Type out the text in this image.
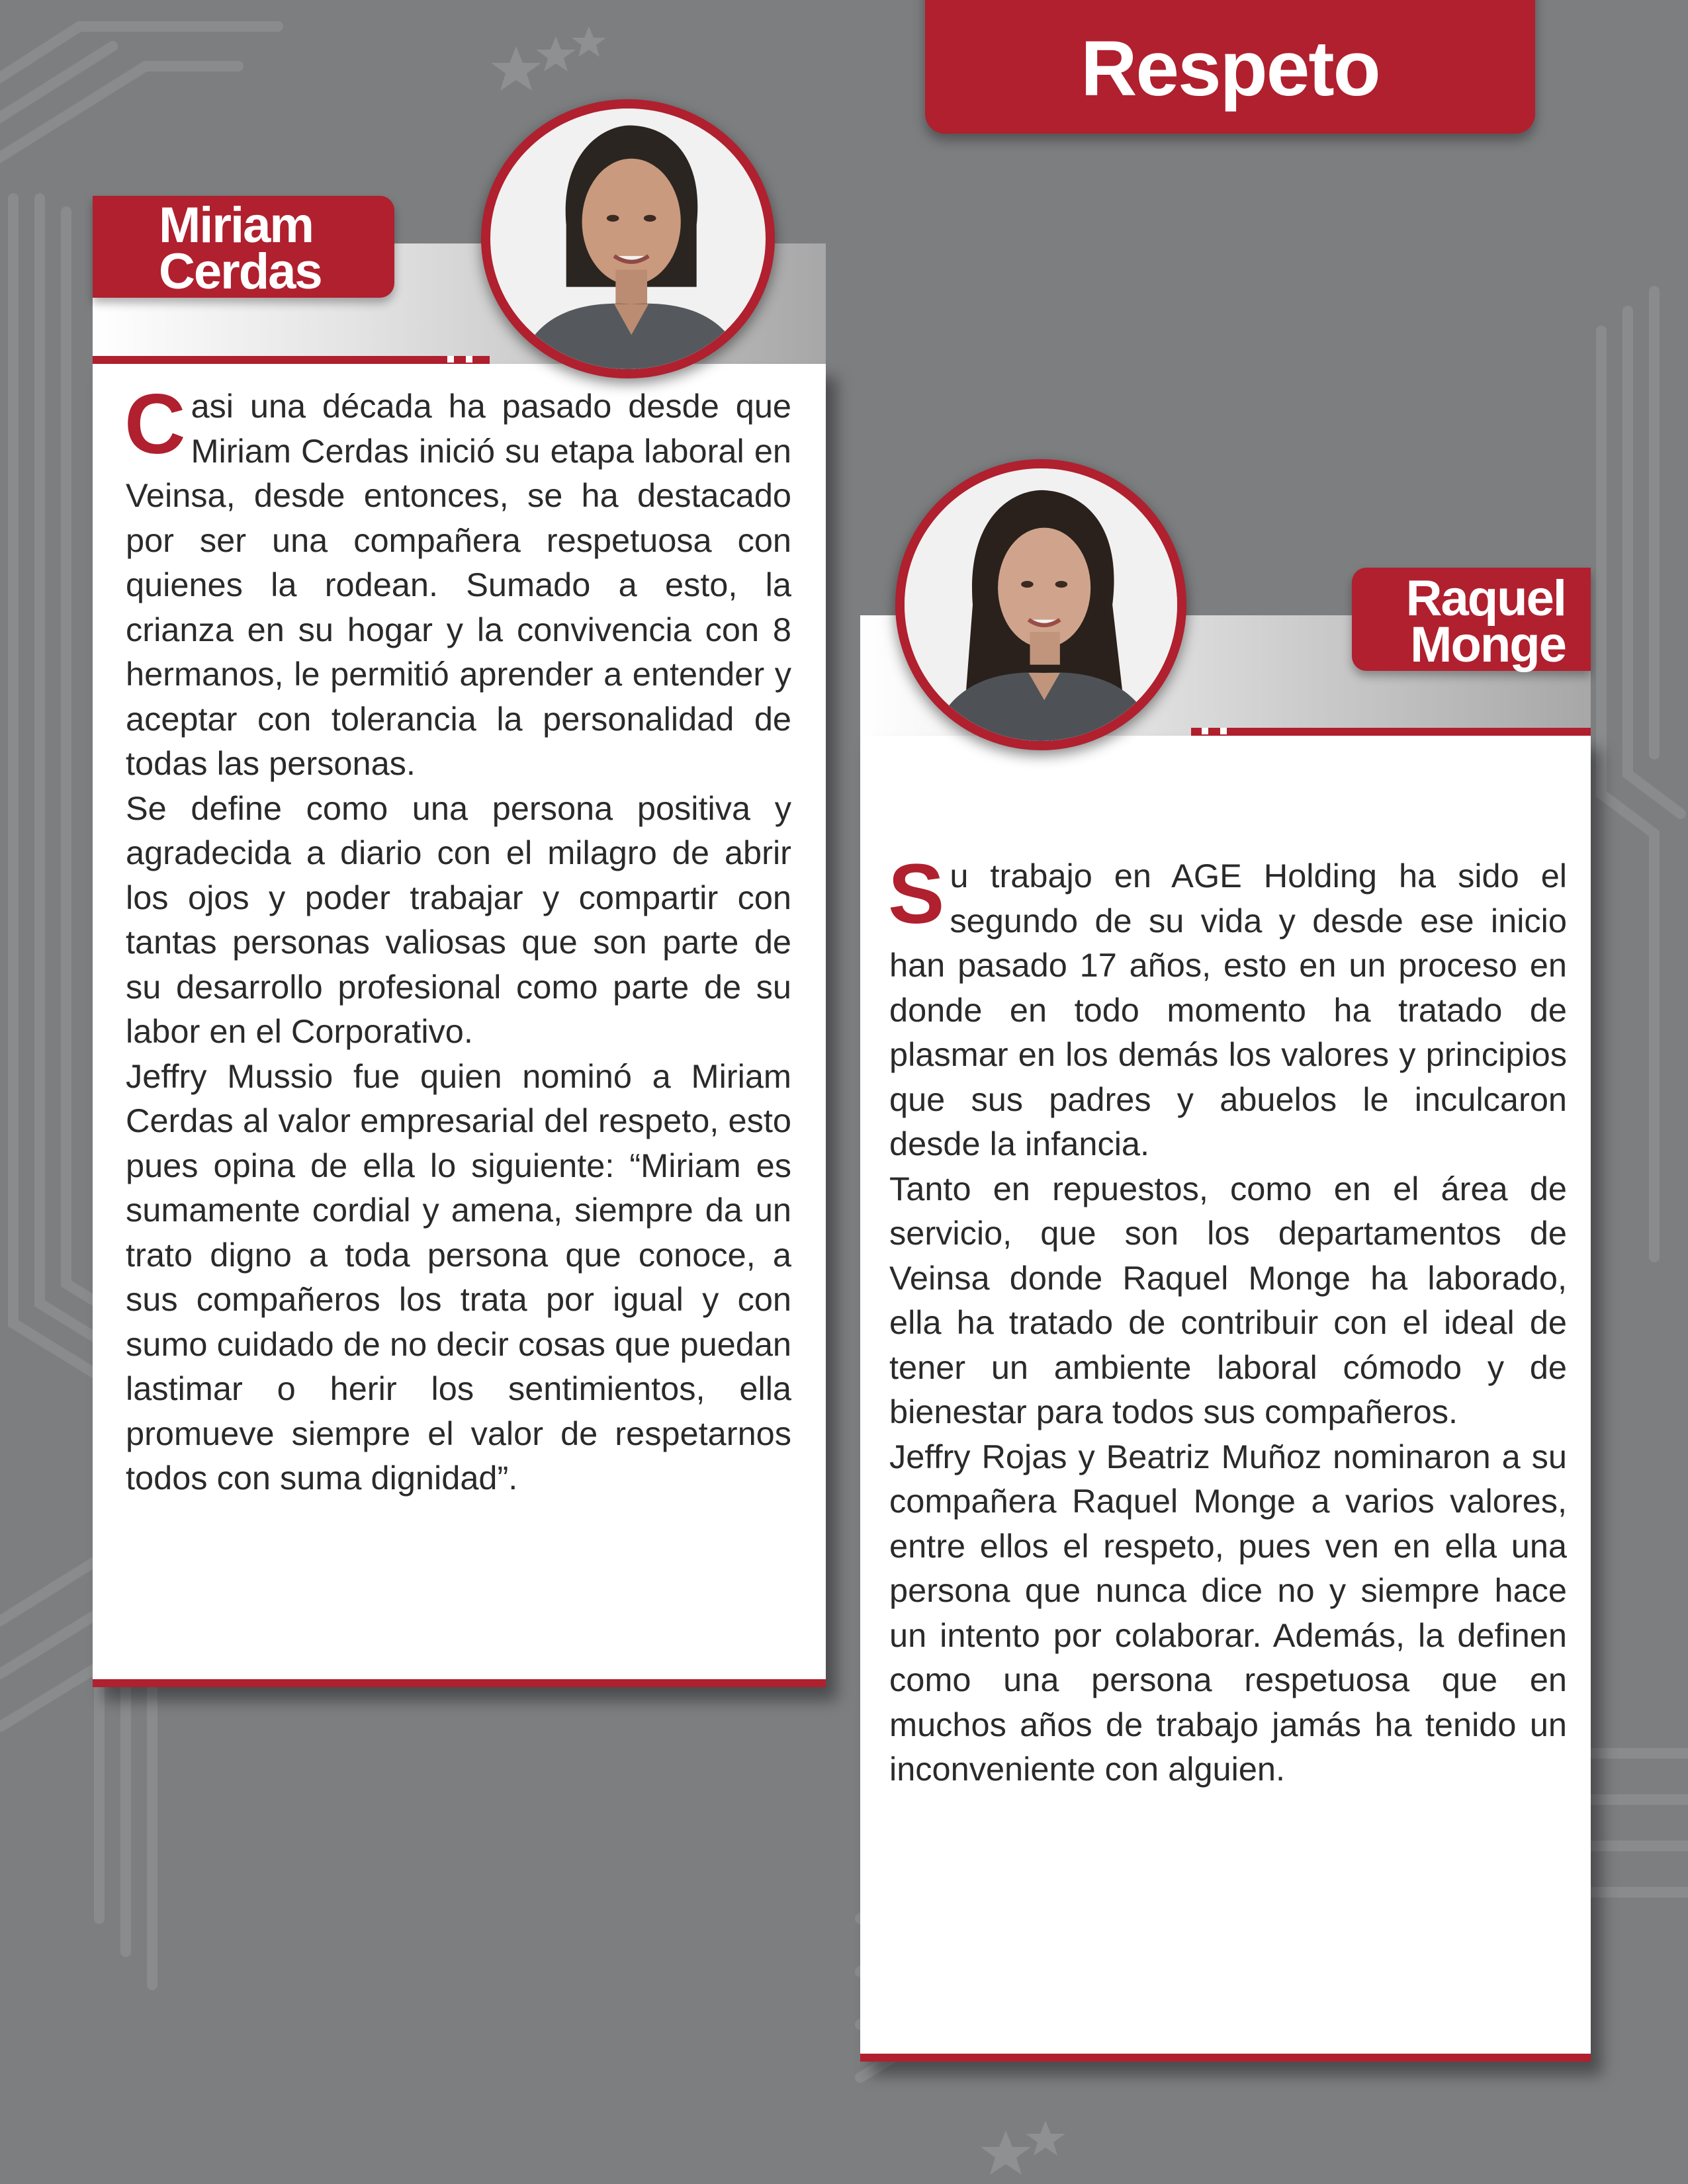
Respeto

Casi una década ha pasado desde que Miriam Cerdas inició su etapa laboral en Veinsa, desde entonces, se ha destacado por ser una compañera respetuosa con quienes la rodean. Sumado a esto, la crianza en su hogar y la convivencia con 8 hermanos, le permitió aprender a entender y aceptar con tolerancia la personalidad de todas las personas.

Se define como una persona positiva y agradecida a diario con el milagro de abrir los ojos y poder trabajar y compartir con tantas personas valiosas que son parte de su desarrollo profesional como parte de su labor en el Corporativo.

Jeffry Mussio fue quien nominó a Miriam Cerdas al valor empresarial del respeto, esto pues opina de ella lo siguiente: “Miriam es sumamente cordial y amena, siempre da un trato digno a toda persona que conoce, a sus compañeros los trata por igual y con sumo cuidado de no decir cosas que puedan lastimar o herir los sentimientos, ella promueve siempre el valor de respetarnos todos con suma dignidad”.

Miriam
Cerdas

Su trabajo en AGE Holding ha sido el segundo de su vida y desde ese inicio han pasado 17 años, esto en un proceso en donde en todo momento ha tratado de plasmar en los demás los valores y principios que sus padres y abuelos le inculcaron desde la infancia.

Tanto en repuestos, como en el área de servicio, que son los departamentos de Veinsa donde Raquel Monge ha laborado, ella ha tratado de contribuir con el ideal de tener un ambiente laboral cómodo y de bienestar para todos sus compañeros.

Jeffry Rojas y Beatriz Muñoz nominaron a su compañera Raquel Monge a varios valores, entre ellos el respeto, pues ven en ella una persona que nunca dice no y siempre hace un intento por colaborar. Además, la definen como una persona respetuosa que en muchos años de trabajo jamás ha tenido un inconveniente con alguien.

Raquel
Monge
